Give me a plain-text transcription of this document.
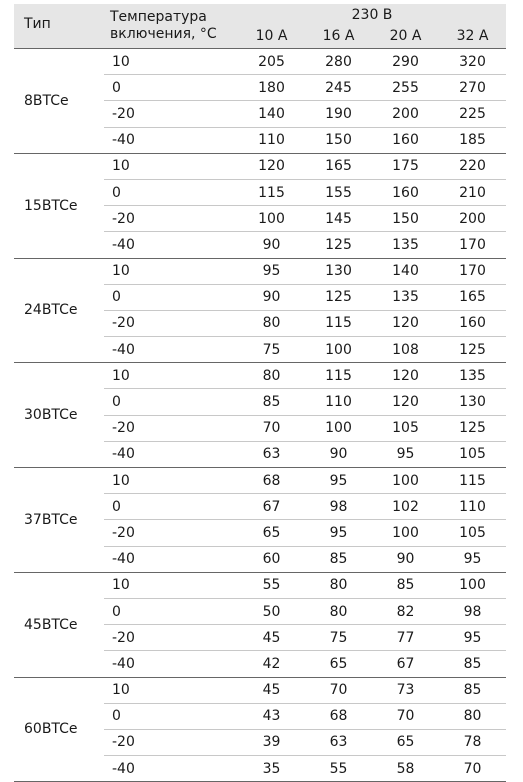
Тип	Температура
включения, °С	230 В			
		10 А	16 А	20 А	32 А
8BTCe	10	205	280	290	320
	0	180	245	255	270
	-20	140	190	200	225
	-40	110	150	160	185
15BTCe	10	120	165	175	220
	0	115	155	160	210
	-20	100	145	150	200
	-40	90	125	135	170
24BTCe	10	95	130	140	170
	0	90	125	135	165
	-20	80	115	120	160
	-40	75	100	108	125
30BTCe	10	80	115	120	135
	0	85	110	120	130
	-20	70	100	105	125
	-40	63	90	95	105
37BTCe	10	68	95	100	115
	0	67	98	102	110
	-20	65	95	100	105
	-40	60	85	90	95
45BTCe	10	55	80	85	100
	0	50	80	82	98
	-20	45	75	77	95
	-40	42	65	67	85
60BTCe	10	45	70	73	85
	0	43	68	70	80
	-20	39	63	65	78
	-40	35	55	58	70
